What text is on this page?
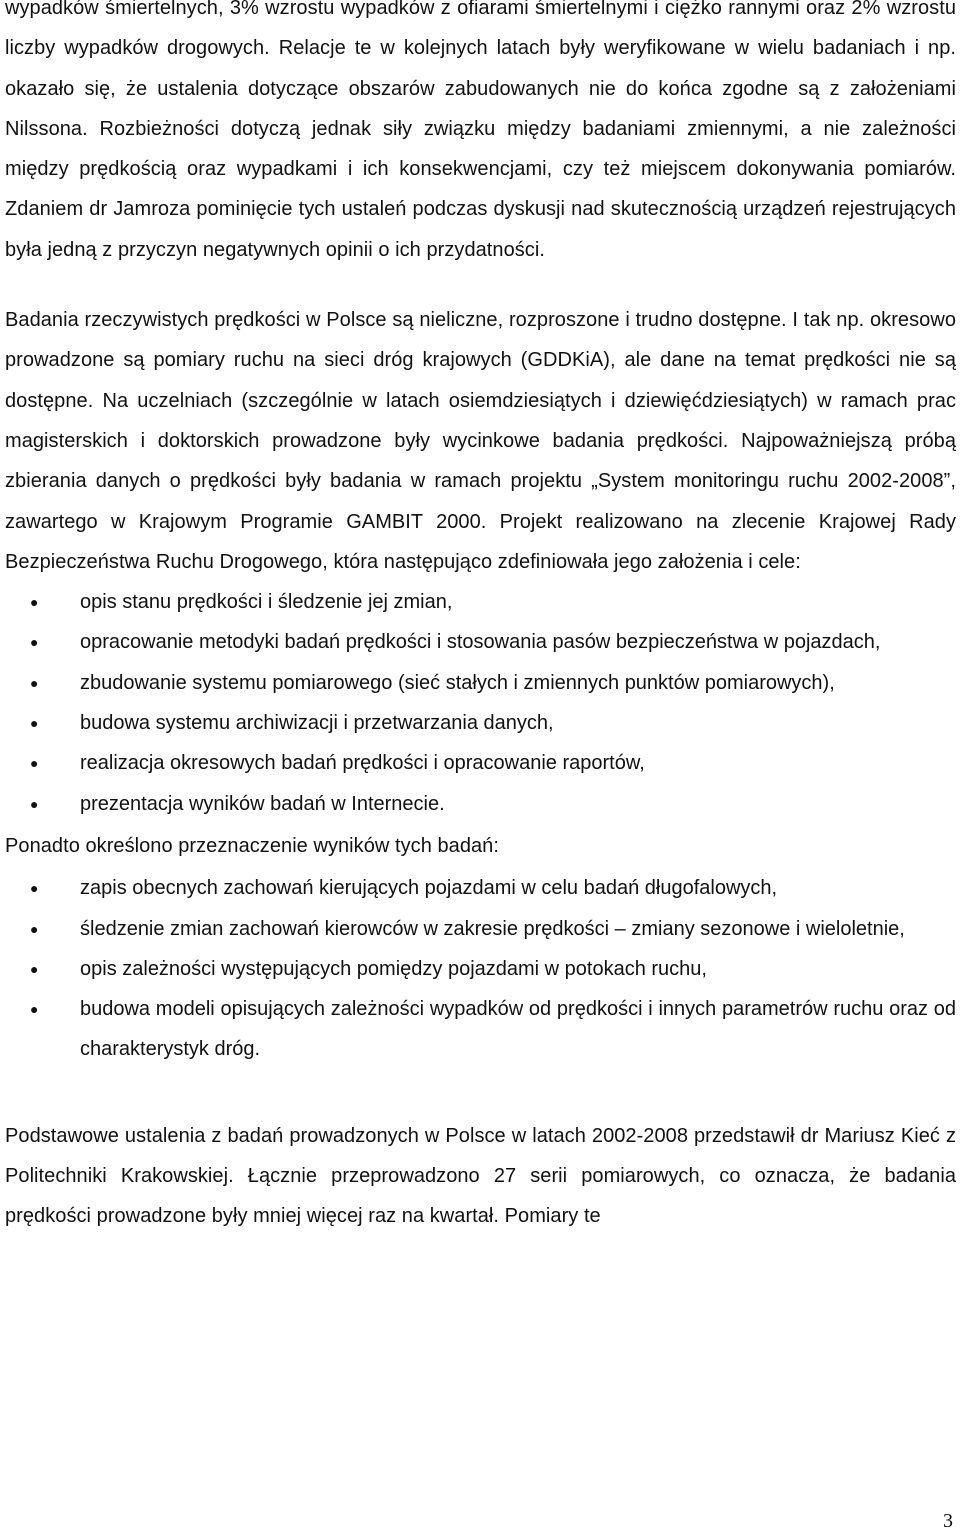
wypadków śmiertelnych, 3% wzrostu wypadków z ofiarami śmiertelnymi i ciężko rannymi oraz 2% wzrostu liczby wypadków drogowych. Relacje te w kolejnych latach były weryfikowane w wielu badaniach i np. okazało się, że ustalenia dotyczące obszarów zabudowanych nie do końca zgodne są z założeniami Nilssona. Rozbieżności dotyczą jednak siły związku między badaniami zmiennymi, a nie zależności między prędkością oraz wypadkami i ich konsekwencjami, czy też miejscem dokonywania pomiarów. Zdaniem dr Jamroza pominięcie tych ustaleń podczas dyskusji nad skutecznością urządzeń rejestrujących była jedną z przyczyn negatywnych opinii o ich przydatności.

Badania rzeczywistych prędkości w Polsce są nieliczne, rozproszone i trudno dostępne. I tak np. okresowo prowadzone są pomiary ruchu na sieci dróg krajowych (GDDKiA), ale dane na temat prędkości nie są dostępne. Na uczelniach (szczególnie w latach osiemdziesiątych i dziewięćdziesiątych) w ramach prac magisterskich i doktorskich prowadzone były wycinkowe badania prędkości. Najpoważniejszą próbą zbierania danych o prędkości były badania w ramach projektu „System monitoringu ruchu 2002-2008”, zawartego w Krajowym Programie GAMBIT 2000. Projekt realizowano na zlecenie Krajowej Rady Bezpieczeństwa Ruchu Drogowego, która następująco zdefiniowała jego założenia i cele:

●	opis stanu prędkości i śledzenie jej zmian,
●	opracowanie metodyki badań prędkości i stosowania pasów bezpieczeństwa w pojazdach,
●	zbudowanie systemu pomiarowego (sieć stałych i zmiennych punktów pomiarowych),
●	budowa systemu archiwizacji i przetwarzania danych,
●	realizacja okresowych badań prędkości i opracowanie raportów,
●	prezentacja wyników badań w Internecie.

Ponadto określono przeznaczenie wyników tych badań:

●	zapis obecnych zachowań kierujących pojazdami w celu badań długofalowych,
●	śledzenie zmian zachowań kierowców w zakresie prędkości – zmiany sezonowe i wieloletnie,
●	opis zależności występujących pomiędzy pojazdami w potokach ruchu,
●	budowa modeli opisujących zależności wypadków od prędkości i innych parametrów ruchu oraz od charakterystyk dróg.

Podstawowe ustalenia z badań prowadzonych w Polsce w latach 2002-2008 przedstawił dr Mariusz Kieć z Politechniki Krakowskiej. Łącznie przeprowadzono 27 serii pomiarowych, co oznacza, że badania prędkości prowadzone były mniej więcej raz na kwartał. Pomiary te

3
